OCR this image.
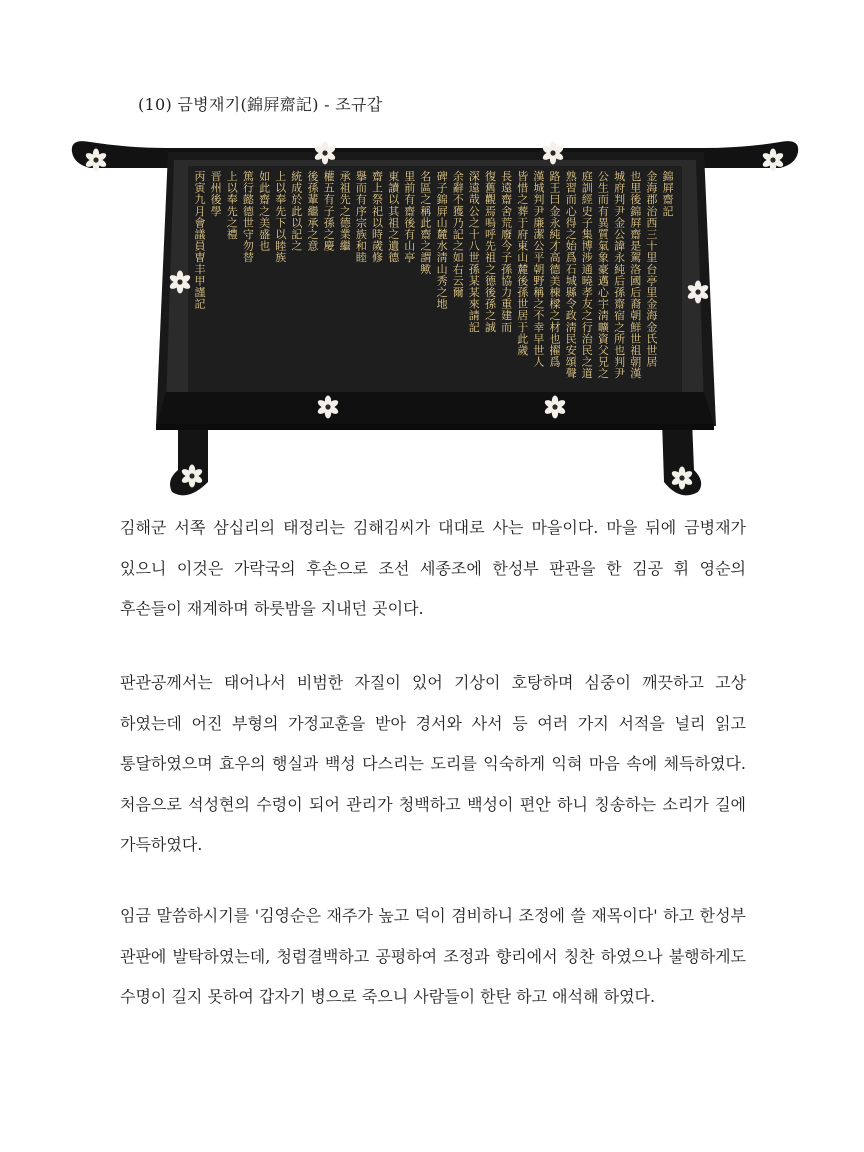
(10) 금병재기(錦屛齋記) - 조규갑
錦屛齋記
金海郡治西三十里台亭里金海金氏世居
也里後錦屛齋是駕洛國后裔朝鮮世祖朝漢
城府判尹金公諱永純后孫齋宿之所也判尹
公生而有異質氣象豪邁心宇淸曠資父兄之
庭訓經史子集博涉通曉孝友之行治民之道
熟習而心得之始爲石城縣令政淸民安頌聲
路王曰金永純才高德美棟樑之材也擢爲
漢城判尹廉潔公平朝野稱之不幸早世人
皆惜之葬于府東山麓後孫世居于此歲
長遠齋舍荒廢今子孫協力重建而
復舊觀焉嗚呼先祖之德後孫之誠
深遠哉公之十八世孫某某來請記
余辭不獲乃記之如右云爾
碑子錦屛山麓水淸山秀之地
名區之稱此齋之謂歟
里前有齋後有山亭
東讀以其祖之遺德
齋上祭祀以時歲修
擧而有序宗族和睦
承祖先之德業繼
權五有子孫之慶
後孫輩繼承之意
統成於此以記之
上以奉先下以睦族
如此齋之美盛也
篤行懿德世守勿替
上以奉先之禮
晋州後學
丙寅九月會議員曺丰甲謹記

김해군 서쪽 삼십리의 태정리는 김해김씨가 대대로 사는 마을이다. 마을 뒤에 금병재가 있으니 이것은 가락국의 후손으로 조선 세종조에 한성부 판관을 한 김공 휘 영순의 후손들이 재계하며 하룻밤을 지내던 곳이다.

판관공께서는 태어나서 비범한 자질이 있어 기상이 호탕하며 심중이 깨끗하고 고상 하였는데 어진 부형의 가정교훈을 받아 경서와 사서 등 여러 가지 서적을 널리 읽고 통달하였으며 효우의 행실과 백성 다스리는 도리를 익숙하게 익혀 마음 속에 체득하였다. 처음으로 석성현의 수령이 되어 관리가 청백하고 백성이 편안 하니 칭송하는 소리가 길에 가득하였다.

임금 말씀하시기를 '김영순은 재주가 높고 덕이 겸비하니 조정에 쓸 재목이다' 하고 한성부 관판에 발탁하였는데, 청렴결백하고 공평하여 조정과 향리에서 칭찬 하였으나 불행하게도 수명이 길지 못하여 갑자기 병으로 죽으니 사람들이 한탄 하고 애석해 하였다.
